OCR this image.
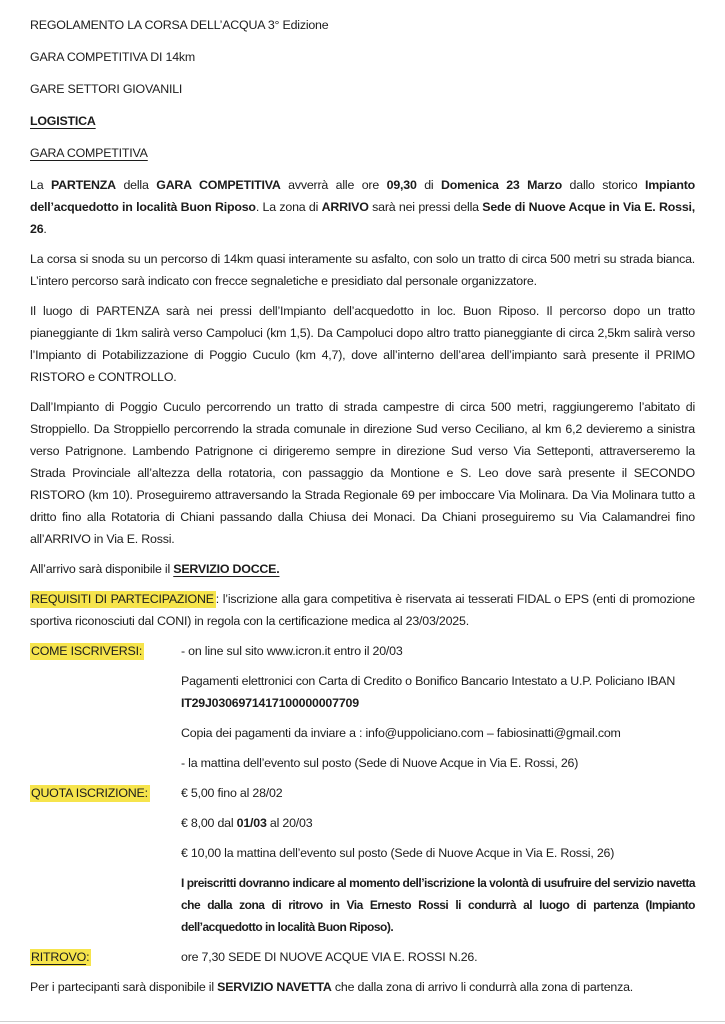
REGOLAMENTO LA CORSA DELL’ACQUA 3° Edizione

GARA COMPETITIVA DI 14km

GARE SETTORI GIOVANILI

LOGISTICA

GARA COMPETITIVA

La PARTENZA della GARA COMPETITIVA avverrà alle ore 09,30 di Domenica 23 Marzo dallo storico Impianto dell’acquedotto in località Buon Riposo. La zona di ARRIVO sarà nei pressi della Sede di Nuove Acque in Via E. Rossi, 26.

La corsa si snoda su un percorso di 14km quasi interamente su asfalto, con solo un tratto di circa 500 metri su strada bianca. L’intero percorso sarà indicato con frecce segnaletiche e presidiato dal personale organizzatore.

Il luogo di PARTENZA sarà nei pressi dell’Impianto dell’acquedotto in loc. Buon Riposo. Il percorso dopo un tratto pianeggiante di 1km salirà verso Campoluci (km 1,5). Da Campoluci dopo altro tratto pianeggiante di circa 2,5km salirà verso l’Impianto di Potabilizzazione di Poggio Cuculo (km 4,7), dove all’interno dell’area dell’impianto sarà presente il PRIMO RISTORO e CONTROLLO.

Dall’Impianto di Poggio Cuculo percorrendo un tratto di strada campestre di circa 500 metri, raggiungeremo l’abitato di Stroppiello. Da Stroppiello percorrendo la strada comunale in direzione Sud verso Ceciliano, al km 6,2 devieremo a sinistra verso Patrignone. Lambendo Patrignone ci dirigeremo sempre in direzione Sud verso Via Setteponti, attraverseremo la Strada Provinciale all’altezza della rotatoria, con passaggio da Montione e S. Leo dove sarà presente il SECONDO RISTORO (km 10). Proseguiremo attraversando la Strada Regionale 69 per imboccare Via Molinara. Da Via Molinara tutto a dritto fino alla Rotatoria di Chiani passando dalla Chiusa dei Monaci. Da Chiani proseguiremo su Via Calamandrei fino all’ARRIVO in Via E. Rossi.

All’arrivo sarà disponibile il SERVIZIO DOCCE.

REQUISITI DI PARTECIPAZIONE : l’iscrizione alla gara competitiva è riservata ai tesserati FIDAL o EPS (enti di promozione sportiva riconosciuti dal CONI) in regola con la certificazione medica al 23/03/2025.

COME ISCRIVERSI:	- on line sul sito www.icron.it entro il 20/03

Pagamenti elettronici con Carta di Credito o Bonifico Bancario Intestato a U.P. Policiano IBAN IT29J0306971417100000007709

Copia dei pagamenti da inviare a : info@uppoliciano.com – fabiosinatti@gmail.com

- la mattina dell’evento sul posto (Sede di Nuove Acque in Via E. Rossi, 26)

QUOTA ISCRIZIONE:	€ 5,00 fino al 28/02

€ 8,00 dal 01/03 al 20/03

€ 10,00 la mattina dell’evento sul posto (Sede di Nuove Acque in Via E. Rossi, 26)

I preiscritti dovranno indicare al momento dell’iscrizione la volontà di usufruire del servizio navetta che dalla zona di ritrovo in Via Ernesto Rossi li condurrà al luogo di partenza (Impianto dell’acquedotto in località Buon Riposo).

RITROVO:	ore 7,30 SEDE DI NUOVE ACQUE VIA E. ROSSI N.26.

Per i partecipanti sarà disponibile il SERVIZIO NAVETTA che dalla zona di arrivo li condurrà alla zona di partenza.
